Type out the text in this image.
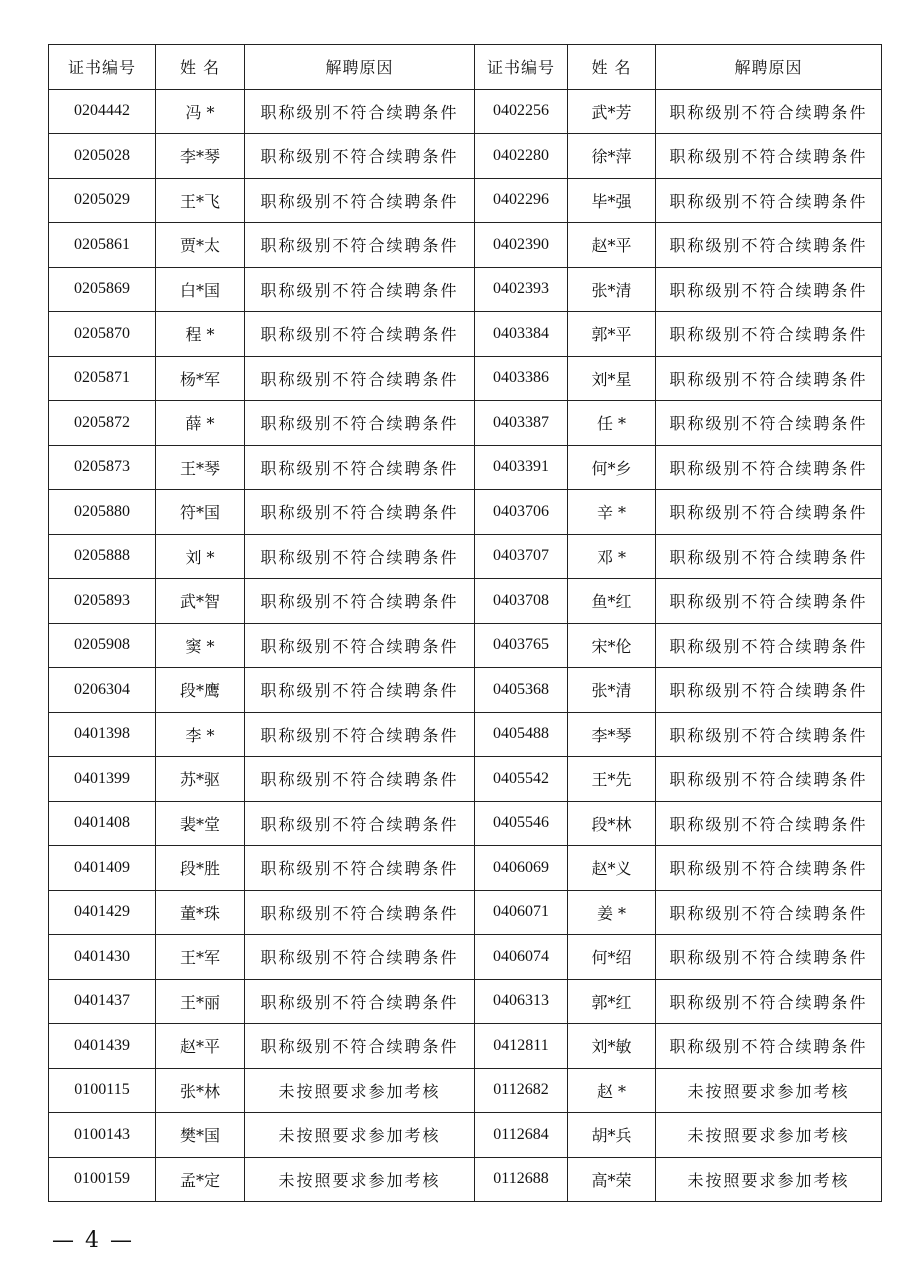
证书编号	姓 名	解聘原因	证书编号	姓 名	解聘原因
0204442	冯 *	职称级别不符合续聘条件	0402256	武*芳	职称级别不符合续聘条件
0205028	李*琴	职称级别不符合续聘条件	0402280	徐*萍	职称级别不符合续聘条件
0205029	王*飞	职称级别不符合续聘条件	0402296	毕*强	职称级别不符合续聘条件
0205861	贾*太	职称级别不符合续聘条件	0402390	赵*平	职称级别不符合续聘条件
0205869	白*国	职称级别不符合续聘条件	0402393	张*清	职称级别不符合续聘条件
0205870	程 *	职称级别不符合续聘条件	0403384	郭*平	职称级别不符合续聘条件
0205871	杨*军	职称级别不符合续聘条件	0403386	刘*星	职称级别不符合续聘条件
0205872	薛 *	职称级别不符合续聘条件	0403387	任 *	职称级别不符合续聘条件
0205873	王*琴	职称级别不符合续聘条件	0403391	何*乡	职称级别不符合续聘条件
0205880	符*国	职称级别不符合续聘条件	0403706	辛 *	职称级别不符合续聘条件
0205888	刘 *	职称级别不符合续聘条件	0403707	邓 *	职称级别不符合续聘条件
0205893	武*智	职称级别不符合续聘条件	0403708	鱼*红	职称级别不符合续聘条件
0205908	窦 *	职称级别不符合续聘条件	0403765	宋*伦	职称级别不符合续聘条件
0206304	段*鹰	职称级别不符合续聘条件	0405368	张*清	职称级别不符合续聘条件
0401398	李 *	职称级别不符合续聘条件	0405488	李*琴	职称级别不符合续聘条件
0401399	苏*驱	职称级别不符合续聘条件	0405542	王*先	职称级别不符合续聘条件
0401408	裴*堂	职称级别不符合续聘条件	0405546	段*林	职称级别不符合续聘条件
0401409	段*胜	职称级别不符合续聘条件	0406069	赵*义	职称级别不符合续聘条件
0401429	董*珠	职称级别不符合续聘条件	0406071	姜 *	职称级别不符合续聘条件
0401430	王*军	职称级别不符合续聘条件	0406074	何*绍	职称级别不符合续聘条件
0401437	王*丽	职称级别不符合续聘条件	0406313	郭*红	职称级别不符合续聘条件
0401439	赵*平	职称级别不符合续聘条件	0412811	刘*敏	职称级别不符合续聘条件
0100115	张*林	未按照要求参加考核	0112682	赵 *	未按照要求参加考核
0100143	樊*国	未按照要求参加考核	0112684	胡*兵	未按照要求参加考核
0100159	孟*定	未按照要求参加考核	0112688	高*荣	未按照要求参加考核
— 4 —
